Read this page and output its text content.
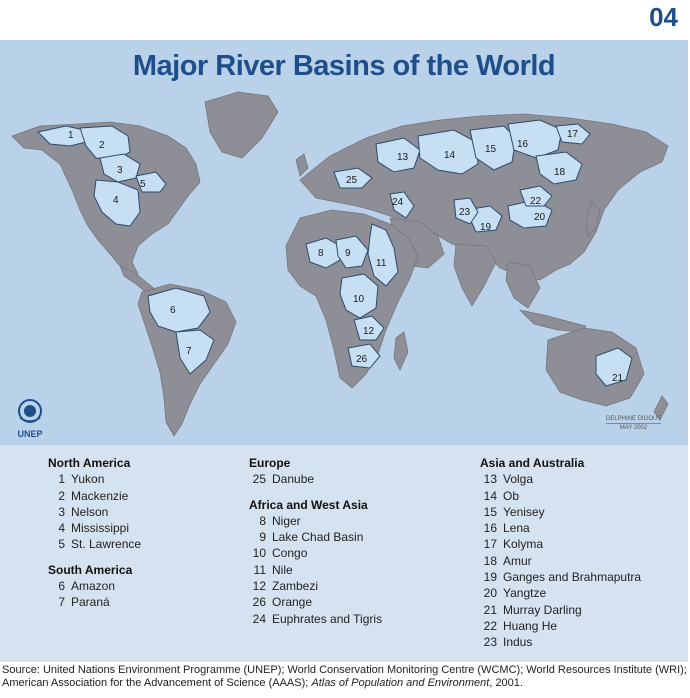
04
1
2
3
4
5
6
7
8 9
10
11
12
13	14
15 16
17
18
19
20
21
22
23
24
25
26
Major River Basins of the World
UNEP
DELPHINE DIGOUT
MAY 2002
North America
1 Yukon
2 Mackenzie
3 Nelson
4 Mississippi
5 St. Lawrence
South America
6 Amazon
7 Paraná
Europe
25 Danube
Africa and West Asia
8 Niger
9 Lake Chad Basin
10 Congo
11 Nile
12 Zambezi
26 Orange
24 Euphrates and Tigris
Asia and Australia
13 Volga
14 Ob
15 Yenisey
16 Lena
17 Kolyma
18 Amur
19 Ganges and Brahmaputra
20 Yangtze
21 Murray Darling
22 Huang He
23 Indus
Source: United Nations Environment Programme (UNEP); World Conservation Monitoring Centre (WCMC); World Resources Institute (WRI); American Association for the Advancement of Science (AAAS); Atlas of Population and Environment, 2001.
